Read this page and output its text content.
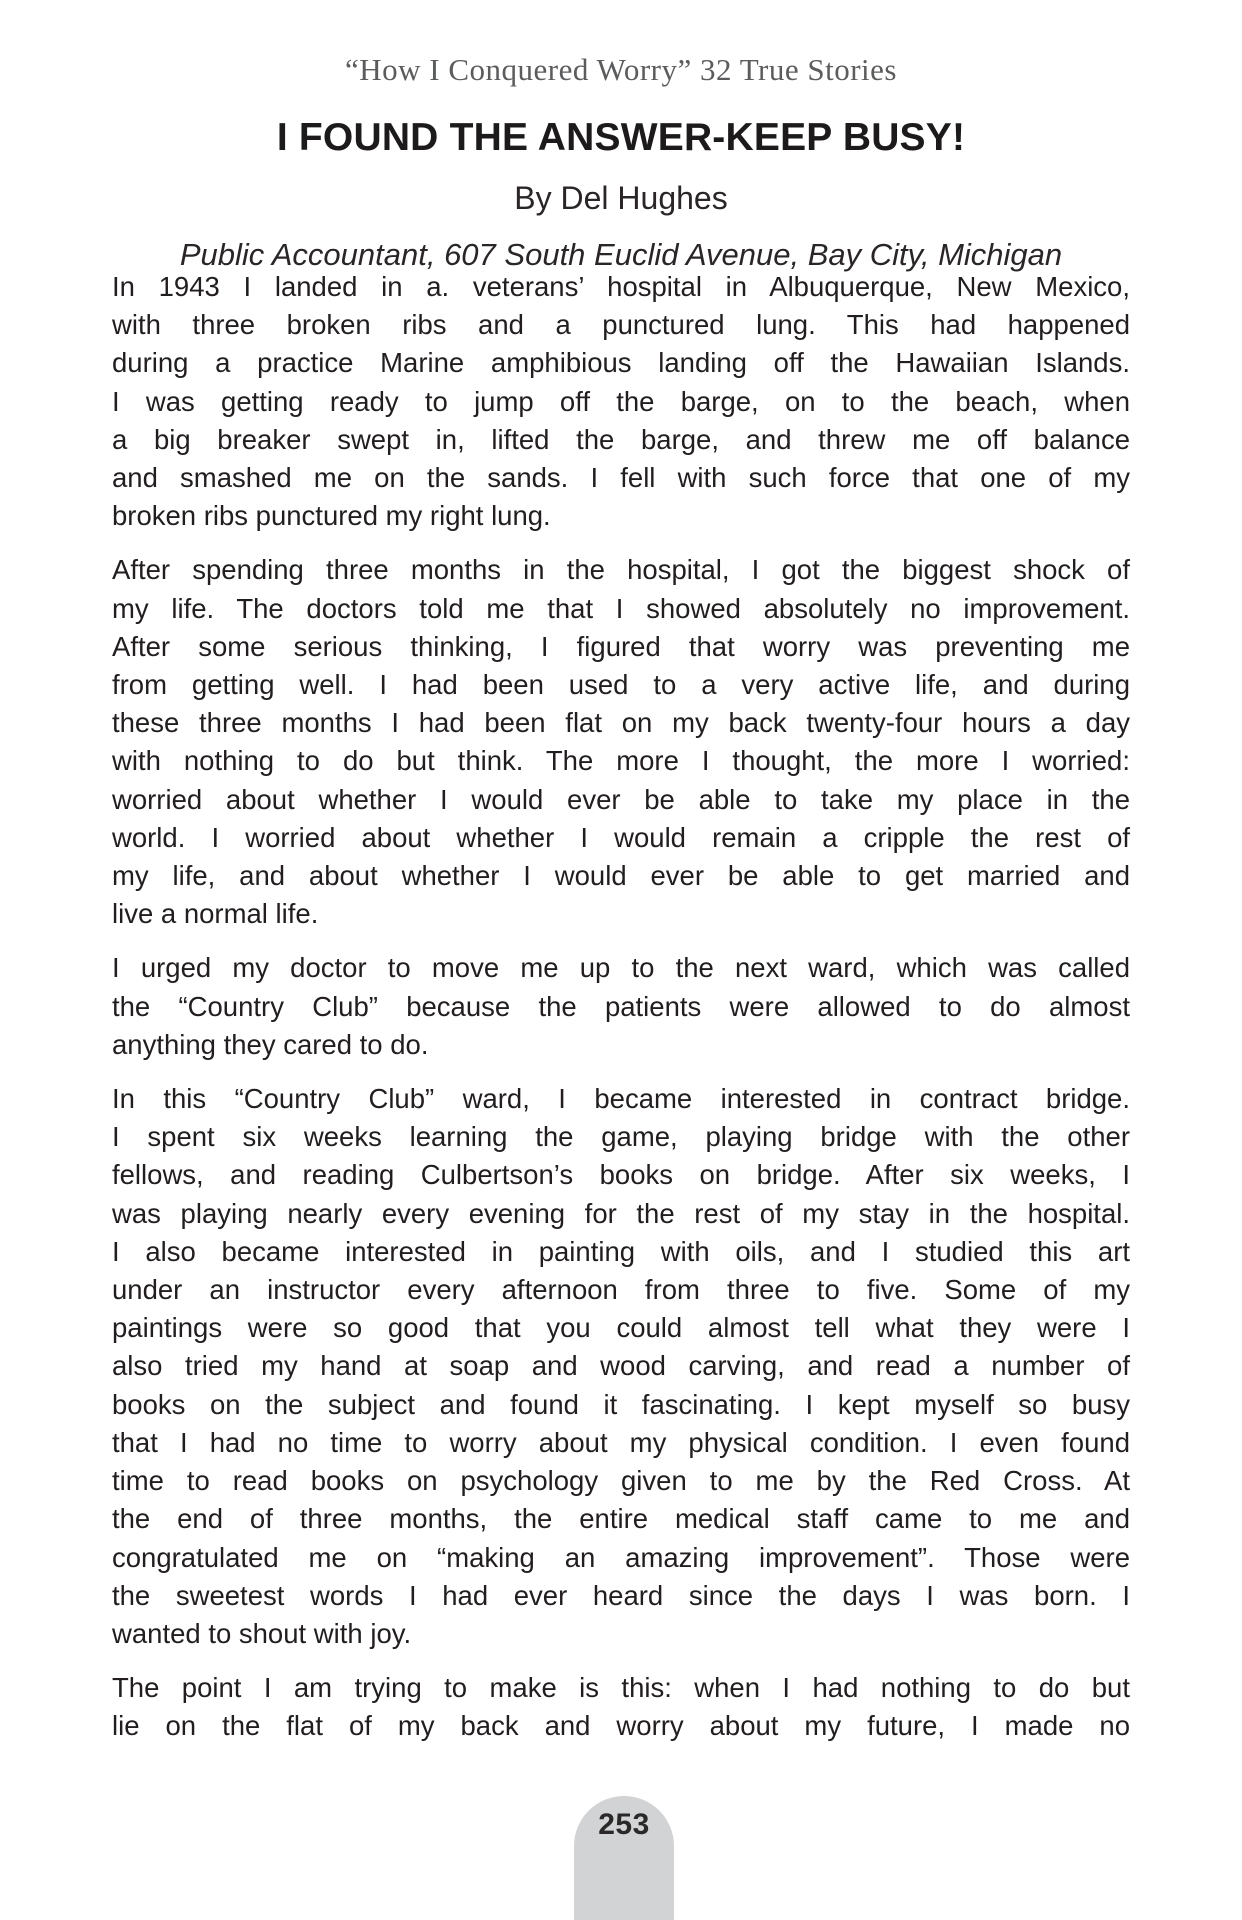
“How I Conquered Worry” 32 True Stories
I FOUND THE ANSWER-KEEP BUSY!
By Del Hughes
Public Accountant, 607 South Euclid Avenue, Bay City, Michigan
In 1943 I landed in a. veterans’ hospital in Albuquerque, New Mexico,
with three broken ribs and a punctured lung. This had happened
during a practice Marine amphibious landing off the Hawaiian Islands.
I was getting ready to jump off the barge, on to the beach, when
a big breaker swept in, lifted the barge, and threw me off balance
and smashed me on the sands. I fell with such force that one of my
broken ribs punctured my right lung.
After spending three months in the hospital, I got the biggest shock of
my life. The doctors told me that I showed absolutely no improvement.
After some serious thinking, I figured that worry was preventing me
from getting well. I had been used to a very active life, and during
these three months I had been flat on my back twenty-four hours a day
with nothing to do but think. The more I thought, the more I worried:
worried about whether I would ever be able to take my place in the
world. I worried about whether I would remain a cripple the rest of
my life, and about whether I would ever be able to get married and
live a normal life.
I urged my doctor to move me up to the next ward, which was called
the “Country Club” because the patients were allowed to do almost
anything they cared to do.
In this “Country Club” ward, I became interested in contract bridge.
I spent six weeks learning the game, playing bridge with the other
fellows, and reading Culbertson’s books on bridge. After six weeks, I
was playing nearly every evening for the rest of my stay in the hospital.
I also became interested in painting with oils, and I studied this art
under an instructor every afternoon from three to five. Some of my
paintings were so good that you could almost tell what they were I
also tried my hand at soap and wood carving, and read a number of
books on the subject and found it fascinating. I kept myself so busy
that I had no time to worry about my physical condition. I even found
time to read books on psychology given to me by the Red Cross. At
the end of three months, the entire medical staff came to me and
congratulated me on “making an amazing improvement”. Those were
the sweetest words I had ever heard since the days I was born. I
wanted to shout with joy.
The point I am trying to make is this: when I had nothing to do but
lie on the flat of my back and worry about my future, I made no
253
